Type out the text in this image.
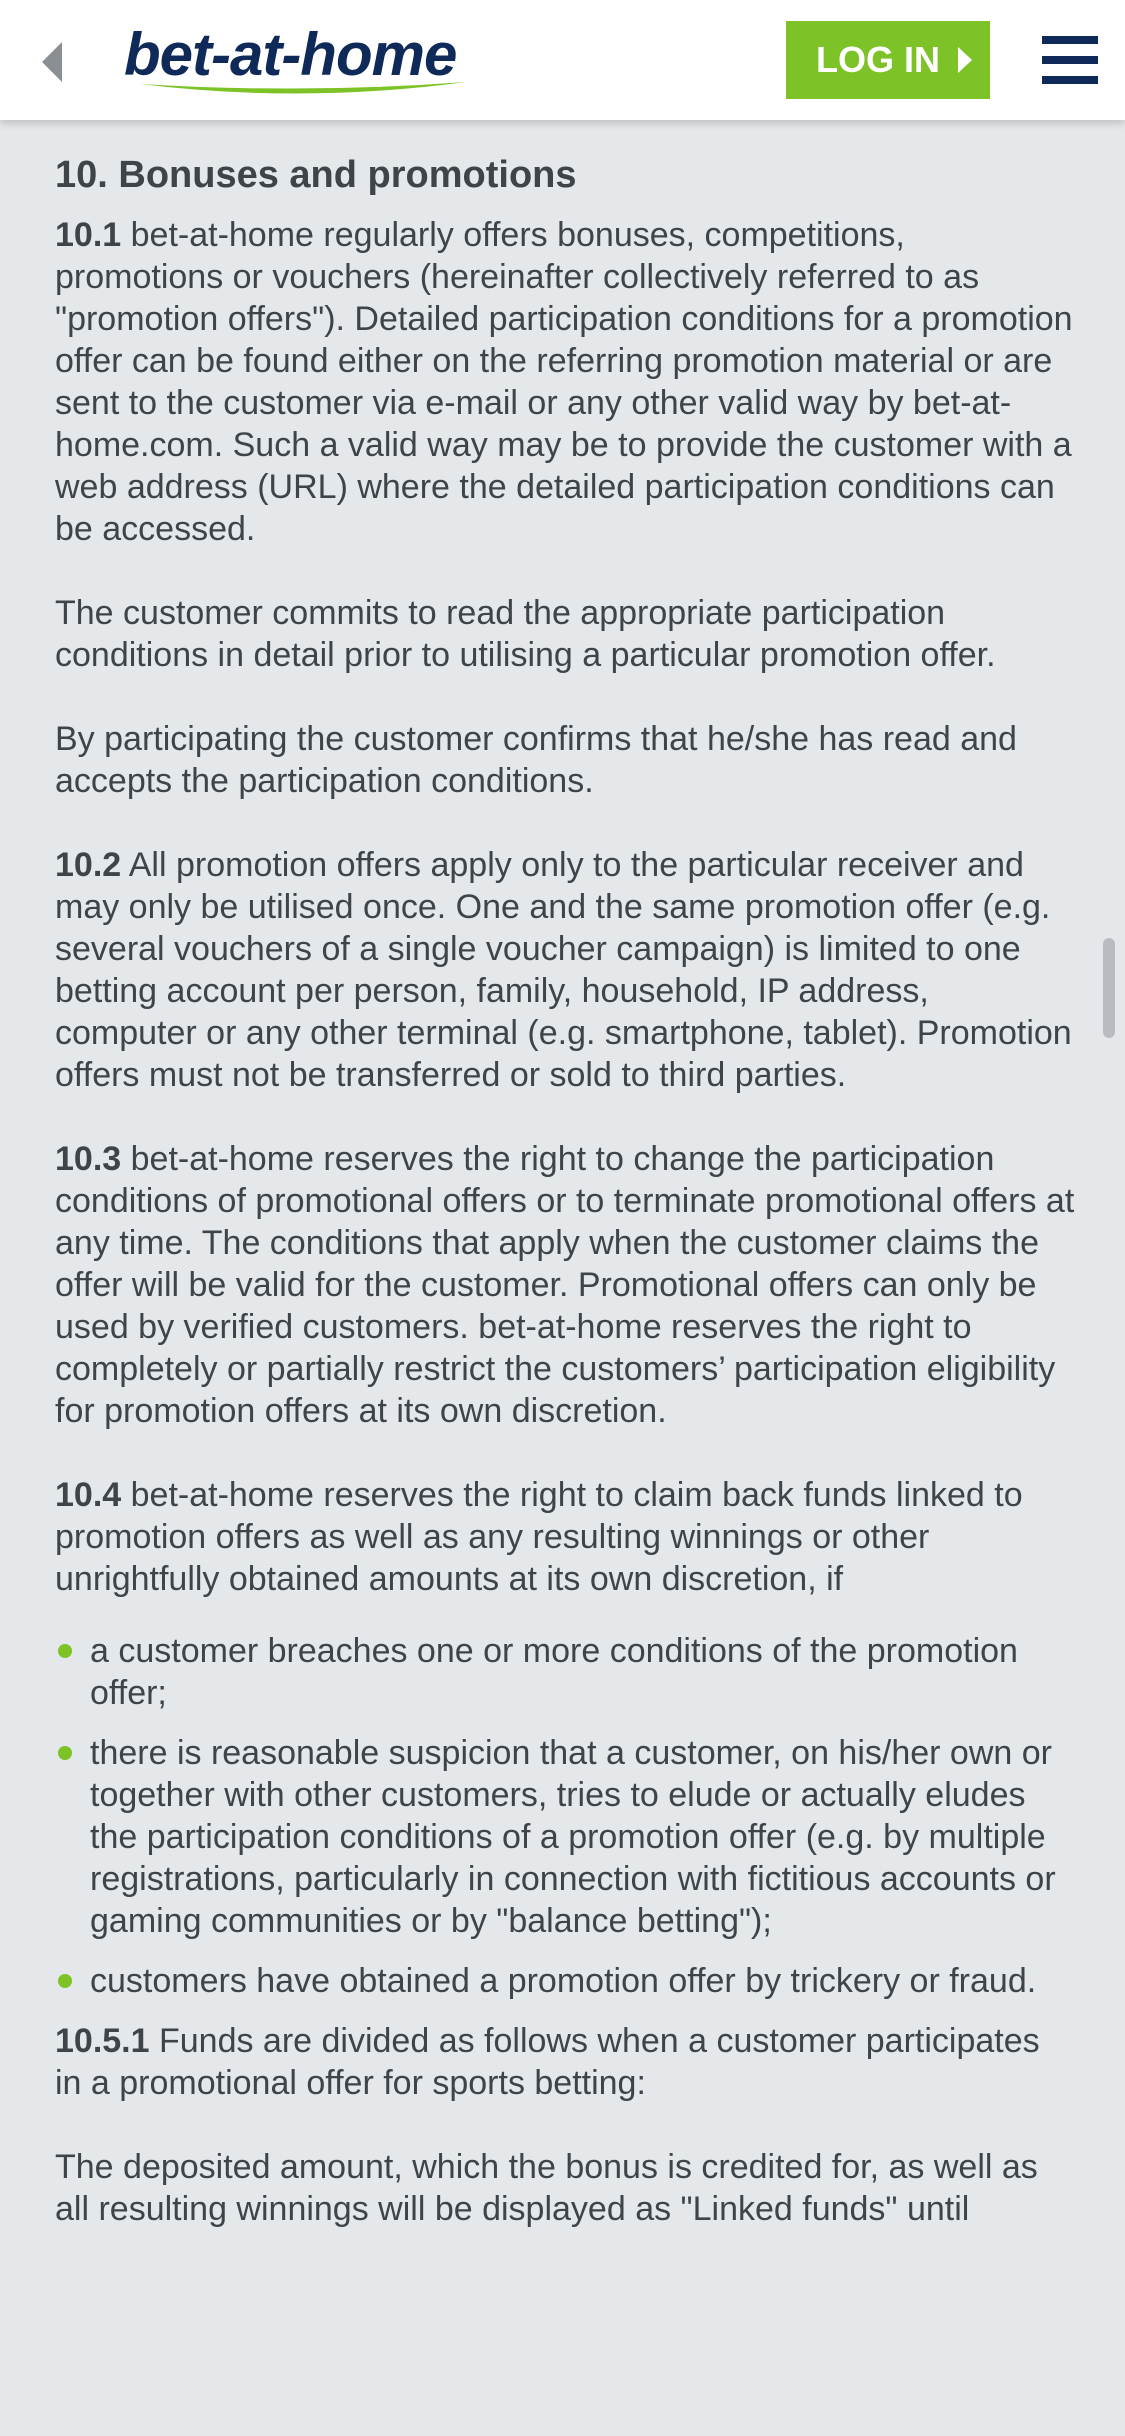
bet-at-home	LOG IN
10. Bonuses and promotions

10.1 bet-at-home regularly offers bonuses, competitions, promotions or vouchers (hereinafter collectively referred to as "promotion offers"). Detailed participation conditions for a promotion offer can be found either on the referring promotion material or are sent to the customer via e-mail or any other valid way by bet-at-home.com. Such a valid way may be to provide the customer with a web address (URL) where the detailed participation conditions can be accessed.

The customer commits to read the appropriate participation conditions in detail prior to utilising a particular promotion offer.

By participating the customer confirms that he/she has read and accepts the participation conditions.

10.2 All promotion offers apply only to the particular receiver and may only be utilised once. One and the same promotion offer (e.g. several vouchers of a single voucher campaign) is limited to one betting account per person, family, household, IP address, computer or any other terminal (e.g. smartphone, tablet). Promotion offers must not be transferred or sold to third parties.

10.3 bet-at-home reserves the right to change the participation conditions of promotional offers or to terminate promotional offers at any time. The conditions that apply when the customer claims the offer will be valid for the customer. Promotional offers can only be used by verified customers. bet-at-home reserves the right to completely or partially restrict the customers’ participation eligibility for promotion offers at its own discretion.

10.4 bet-at-home reserves the right to claim back funds linked to promotion offers as well as any resulting winnings or other unrightfully obtained amounts at its own discretion, if

a customer breaches one or more conditions of the promotion offer;
there is reasonable suspicion that a customer, on his/her own or together with other customers, tries to elude or actually eludes the participation conditions of a promotion offer (e.g. by multiple registrations, particularly in connection with fictitious accounts or gaming communities or by "balance betting");
customers have obtained a promotion offer by trickery or fraud.

10.5.1 Funds are divided as follows when a customer participates in a promotional offer for sports betting:

The deposited amount, which the bonus is credited for, as well as all resulting winnings will be displayed as "Linked funds" until
